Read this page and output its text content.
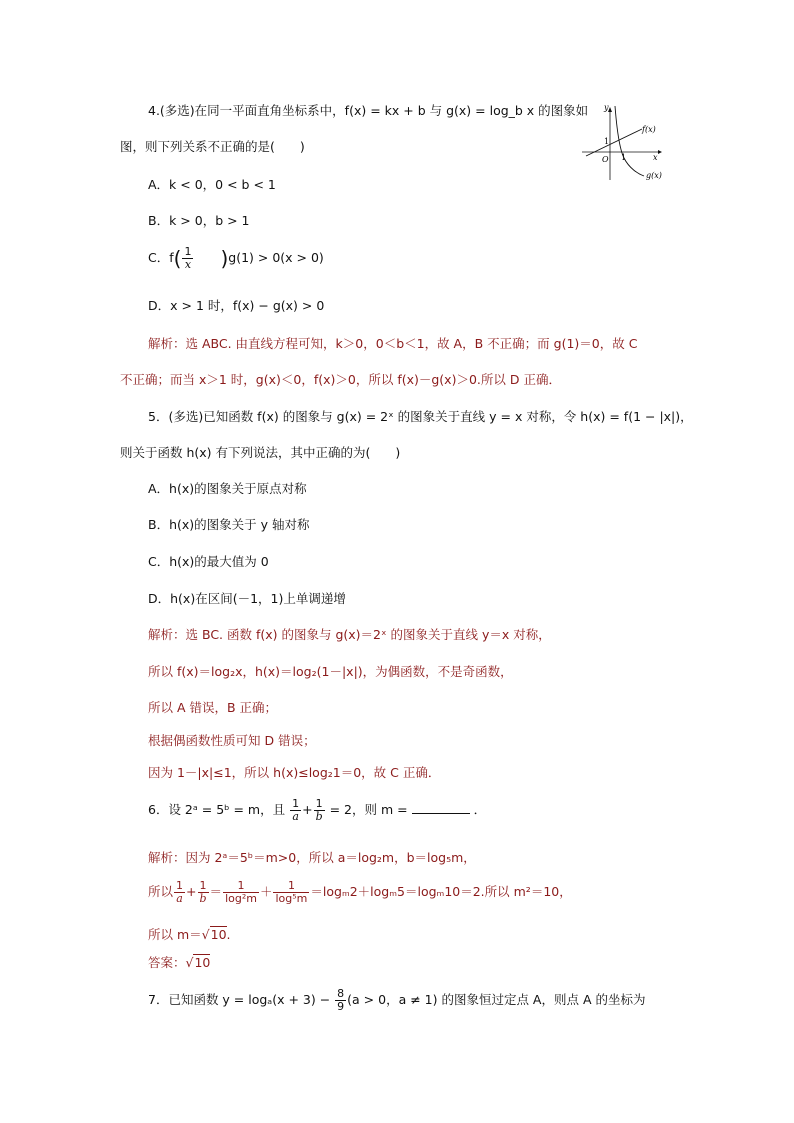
4.(多选)在同一平面直角坐标系中，f(x) = kx + b 与 g(x) = log_b x 的图象如
图，则下列关系不正确的是(　　)
y
x
O
1
1
f(x)
g(x)
A．k < 0，0 < b < 1
B．k > 0，b > 1
C．$f( \frac{1}{x} )g(1) > 0(x > 0)$
D．x > 1 时，f(x) − g(x) > 0
解析：选 ABC. 由直线方程可知，k＞0，0＜b＜1，故 A，B 不正确；而 g(1)＝0，故 C
不正确；而当 x＞1 时，g(x)＜0，f(x)＞0，所以 f(x)－g(x)＞0.所以 D 正确．
5．(多选)已知函数 f(x) 的图象与 g(x) = 2ˣ 的图象关于直线 y = x 对称，令 h(x) = f(1 − |x|)，
则关于函数 h(x) 有下列说法，其中正确的为(　　)
A．h(x)的图象关于原点对称
B．h(x)的图象关于 y 轴对称
C．h(x)的最大值为 0
D．h(x)在区间(－1，1)上单调递增
解析：选 BC. 函数 f(x) 的图象与 g(x)＝2ˣ 的图象关于直线 y＝x 对称，
所以 f(x)＝log₂x，h(x)＝log₂(1－|x|)，为偶函数，不是奇函数，
所以 A 错误，B 正确；
根据偶函数性质可知 D 错误；
因为 1－|x|≤1，所以 h(x)≤log₂1＝0，故 C 正确．
6．设 2ᵃ = 5ᵇ = m，且 $\frac{1}{a} + \frac{1}{b} = 2$，则 m =	．
解析：因为 2ᵃ＝5ᵇ＝m>0，所以 a＝log₂m，b＝log₅m，
所以 $\frac{1}{a} + \frac{1}{b} = \frac{1}{\text{log²m}} + \frac{1}{\text{log⁵m}} =\log_m2+\log_m5=\log_m10=2$.所以 m²＝10，
所以 m＝√10.
答案：√10
7．已知函数 $y = \log_a(x + 3) - \frac{8}{9} (a > 0$，a ≠ 1) 的图象恒过定点 A，则点 A 的坐标为
